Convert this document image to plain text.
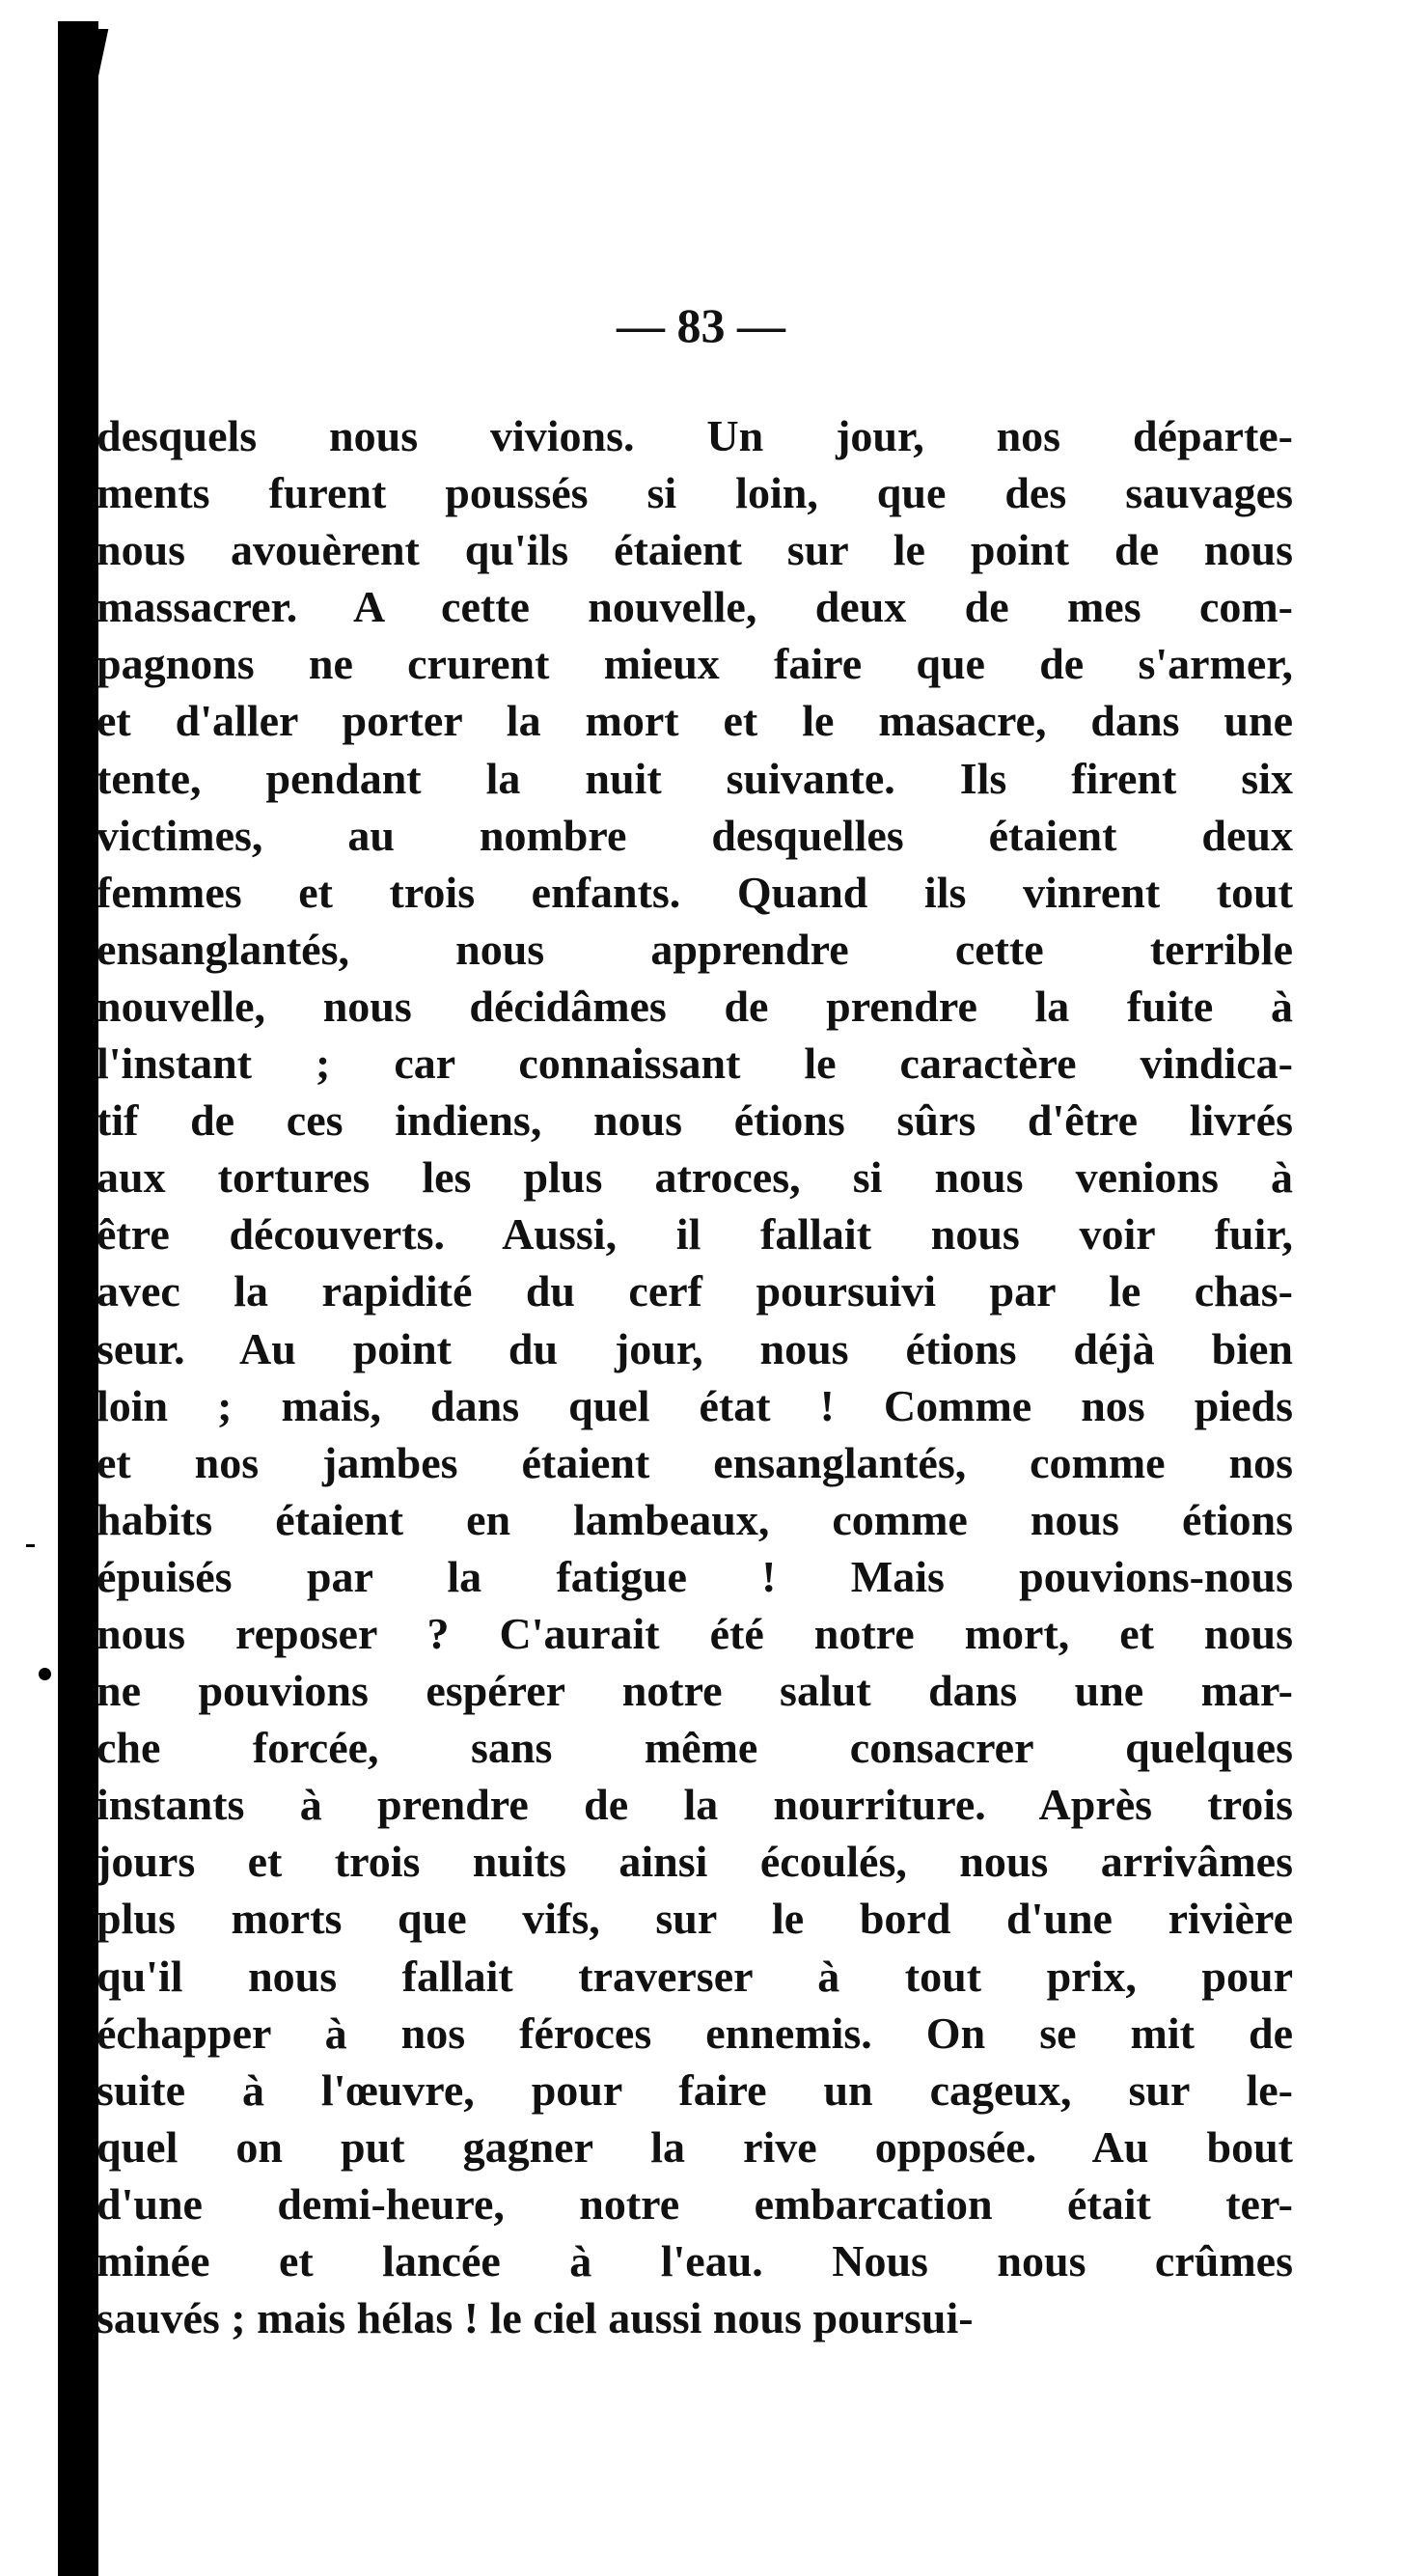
— 83 —
desquels nous vivions. Un jour, nos départe-
ments furent poussés si loin, que des sauvages
nous avouèrent qu'ils étaient sur le point de nous
massacrer. A cette nouvelle, deux de mes com-
pagnons ne crurent mieux faire que de s'armer,
et d'aller porter la mort et le masacre, dans une
tente, pendant la nuit suivante. Ils firent six
victimes, au nombre desquelles étaient deux
femmes et trois enfants. Quand ils vinrent tout
ensanglantés, nous apprendre cette terrible
nouvelle, nous décidâmes de prendre la fuite à
l'instant ; car connaissant le caractère vindica-
tif de ces indiens, nous étions sûrs d'être livrés
aux tortures les plus atroces, si nous venions à
être découverts. Aussi, il fallait nous voir fuir,
avec la rapidité du cerf poursuivi par le chas-
seur. Au point du jour, nous étions déjà bien
loin ; mais, dans quel état ! Comme nos pieds
et nos jambes étaient ensanglantés, comme nos
habits étaient en lambeaux, comme nous étions
épuisés par la fatigue ! Mais pouvions-nous
nous reposer ? C'aurait été notre mort, et nous
ne pouvions espérer notre salut dans une mar-
che forcée, sans même consacrer quelques
instants à prendre de la nourriture. Après trois
jours et trois nuits ainsi écoulés, nous arrivâmes
plus morts que vifs, sur le bord d'une rivière
qu'il nous fallait traverser à tout prix, pour
échapper à nos féroces ennemis. On se mit de
suite à l'œuvre, pour faire un cageux, sur le-
quel on put gagner la rive opposée. Au bout
d'une demi-heure, notre embarcation était ter-
minée et lancée à l'eau. Nous nous crûmes
sauvés ; mais hélas ! le ciel aussi nous poursui-
